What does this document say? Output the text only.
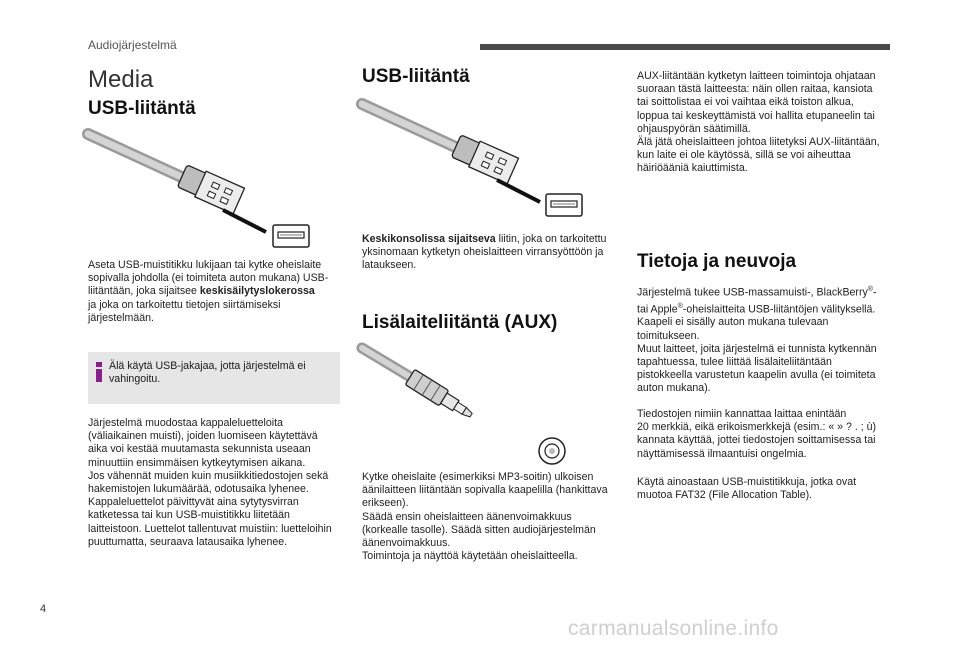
Audiojärjestelmä
Media
USB-liitäntä
Aseta USB-muistitikku lukijaan tai kytke oheislaite
sopivalla johdolla (ei toimiteta auton mukana) USB-
liitäntään, joka sijaitsee keskisäilytyslokerossa
ja joka on tarkoitettu tietojen siirtämiseksi
järjestelmään.
Älä käytä USB-jakajaa, jotta järjestelmä ei
vahingoitu.
Järjestelmä muodostaa kappaleluetteloita
(väliaikainen muisti), joiden luomiseen käytettävä
aika voi kestää muutamasta sekunnista useaan
minuuttiin ensimmäisen kytkeytymisen aikana.
Jos vähennät muiden kuin musiikkitiedostojen sekä
hakemistojen lukumäärää, odotusaika lyhenee.
Kappaleluettelot päivittyvät aina sytytysvirran
katketessa tai kun USB-muistitikku liitetään
laitteistoon. Luettelot tallentuvat muistiin: luetteloihin
puuttumatta, seuraava latausaika lyhenee.
USB-liitäntä
Keskikonsolissa sijaitseva liitin, joka on tarkoitettu
yksinomaan kytketyn oheislaitteen virransyöttöön ja
lataukseen.
Lisälaiteliitäntä (AUX)
Kytke oheislaite (esimerkiksi MP3-soitin) ulkoisen
äänilaitteen liitäntään sopivalla kaapelilla (hankittava
erikseen).
Säädä ensin oheislaitteen äänenvoimakkuus
(korkealle tasolle). Säädä sitten audiojärjestelmän
äänenvoimakkuus.
Toimintoja ja näyttöä käytetään oheislaitteella.
AUX-liitäntään kytketyn laitteen toimintoja ohjataan
suoraan tästä laitteesta: näin ollen raitaa, kansiota
tai soittolistaa ei voi vaihtaa eikä toiston alkua,
loppua tai keskeyttämistä voi hallita etupaneelin tai
ohjauspyörän säätimillä.
Älä jätä oheislaitteen johtoa liitetyksi AUX-liitäntään,
kun laite ei ole käytössä, sillä se voi aiheuttaa
häiriöääniä kaiuttimista.
Tietoja ja neuvoja
Järjestelmä tukee USB-massamuisti-, BlackBerry®-
tai Apple®-oheislaitteita USB-liitäntöjen välityksellä.
Kaapeli ei sisälly auton mukana tulevaan
toimitukseen.
Muut laitteet, joita järjestelmä ei tunnista kytkennän
tapahtuessa, tulee liittää lisälaiteliitäntään
pistokkeella varustetun kaapelin avulla (ei toimiteta
auton mukana).
Tiedostojen nimiin kannattaa laittaa enintään
20 merkkiä, eikä erikoismerkkejä (esim.: « » ? . ; ù)
kannata käyttää, jottei tiedostojen soittamisessa tai
näyttämisessä ilmaantuisi ongelmia.
Käytä ainoastaan USB-muistitikkuja, jotka ovat
muotoa FAT32 (File Allocation Table).
4
carmanualsonline.info
